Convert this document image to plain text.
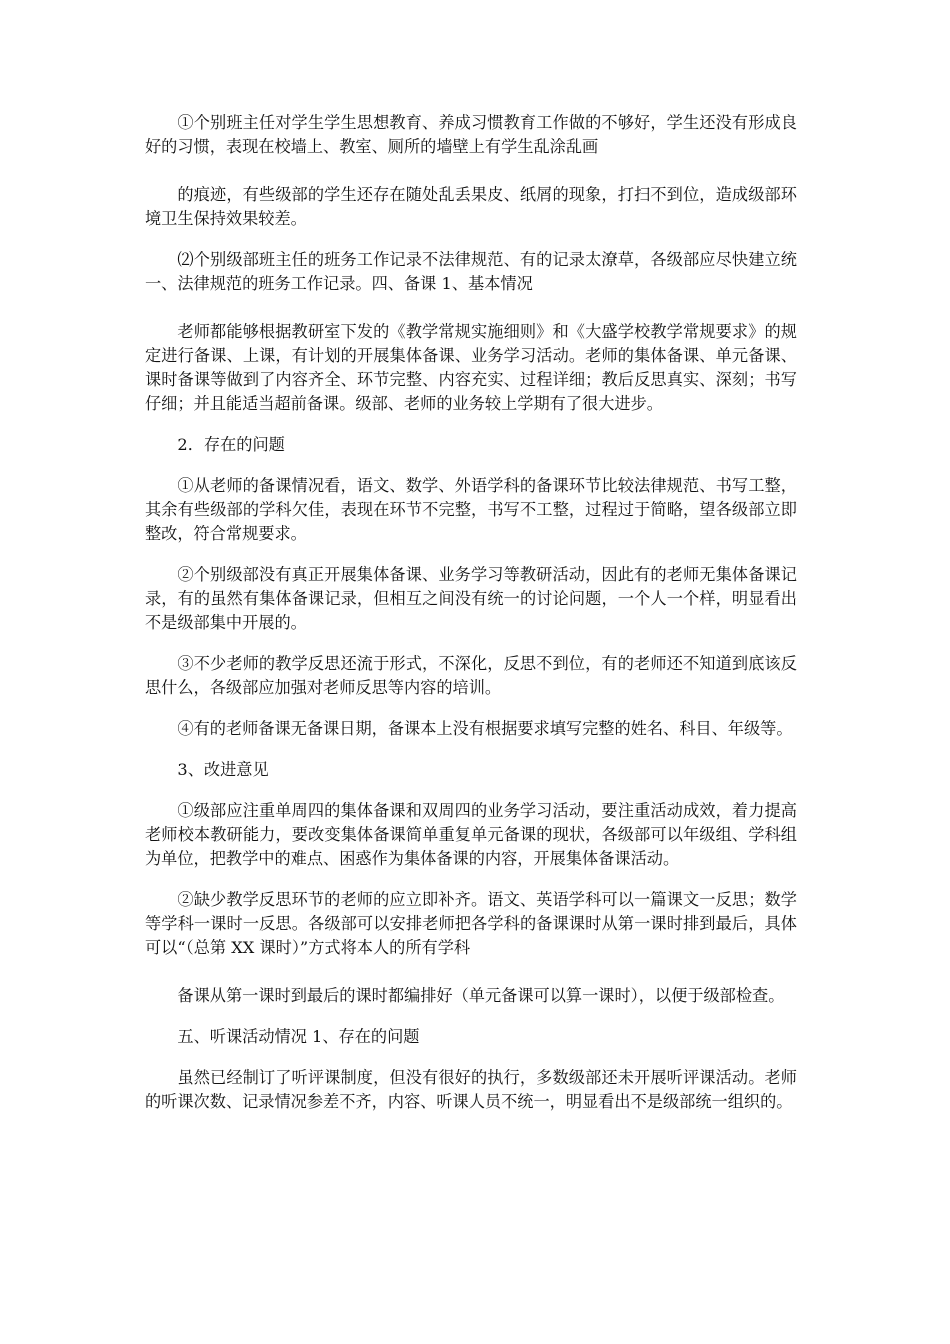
①个别班主任对学生学生思想教育、养成习惯教育工作做的不够好，学生还没有形成良好的习惯，表现在校墙上、教室、厕所的墙壁上有学生乱涂乱画

的痕迹，有些级部的学生还存在随处乱丢果皮、纸屑的现象，打扫不到位，造成级部环境卫生保持效果较差。

⑵个别级部班主任的班务工作记录不法律规范、有的记录太潦草，各级部应尽快建立统一、法律规范的班务工作记录。四、备课 1、基本情况

老师都能够根据教研室下发的《教学常规实施细则》和《大盛学校教学常规要求》的规定进行备课、上课，有计划的开展集体备课、业务学习活动。老师的集体备课、单元备课、课时备课等做到了内容齐全、环节完整、内容充实、过程详细；教后反思真实、深刻；书写仔细；并且能适当超前备课。级部、老师的业务较上学期有了很大进步。

2．存在的问题

①从老师的备课情况看，语文、数学、外语学科的备课环节比较法律规范、书写工整，其余有些级部的学科欠佳，表现在环节不完整，书写不工整，过程过于简略，望各级部立即整改，符合常规要求。

②个别级部没有真正开展集体备课、业务学习等教研活动，因此有的老师无集体备课记录，有的虽然有集体备课记录，但相互之间没有统一的讨论问题，一个人一个样，明显看出不是级部集中开展的。

③不少老师的教学反思还流于形式，不深化，反思不到位，有的老师还不知道到底该反思什么，各级部应加强对老师反思等内容的培训。

④有的老师备课无备课日期，备课本上没有根据要求填写完整的姓名、科目、年级等。

3、改进意见

①级部应注重单周四的集体备课和双周四的业务学习活动，要注重活动成效，着力提高老师校本教研能力，要改变集体备课简单重复单元备课的现状，各级部可以年级组、学科组为单位，把教学中的难点、困惑作为集体备课的内容，开展集体备课活动。

②缺少教学反思环节的老师的应立即补齐。语文、英语学科可以一篇课文一反思；数学等学科一课时一反思。各级部可以安排老师把各学科的备课课时从第一课时排到最后，具体可以“（总第 XX 课时）”方式将本人的所有学科

备课从第一课时到最后的课时都编排好（单元备课可以算一课时），以便于级部检查。

五、听课活动情况 1、存在的问题

虽然已经制订了听评课制度，但没有很好的执行，多数级部还未开展听评课活动。老师的听课次数、记录情况参差不齐，内容、听课人员不统一，明显看出不是级部统一组织的。
